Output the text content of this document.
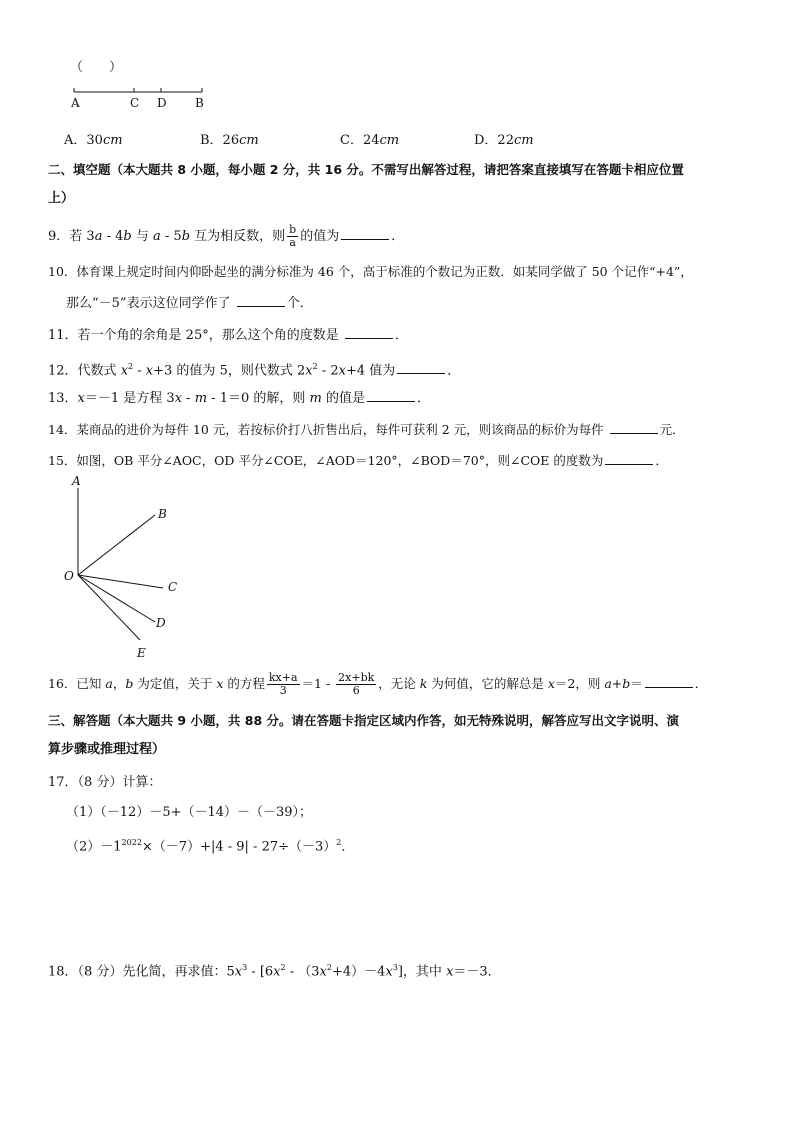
（　　）
A	C D B
A．30cm	B．26cm	C．24cm	D．22cm
二、填空题（本大题共 8 小题，每小题 2 分，共 16 分。不需写出解答过程，请把答案直接填写在答题卡相应位置
上）
9．若 3a - 4b 与 a - 5b 互为相反数，则 $\frac{b}{a}$ 的值为	．
10．体育课上规定时间内仰卧起坐的满分标准为 46 个，高于标准的个数记为正数．如某同学做了 50 个记作“+4”，
那么“－5”表示这位同学作了	个．
11．若一个角的余角是 25°，那么这个角的度数是	．
12．代数式 $x^2 - x+3$ 的值为 5，则代数式 $2x^2 - 2x+4$ 值为	．
13．x＝－1 是方程 3x - m - 1＝0 的解，则 m 的值是	．
14．某商品的进价为每件 10 元，若按标价打八折售出后，每件可获利 2 元，则该商品的标价为每件	元．
15．如图，OB 平分∠AOC，OD 平分∠COE，∠AOD＝120°，∠BOD＝70°，则∠COE 的度数为	．
A
B
O
C
D
E
16．已知 a，b 为定值，关于 x 的方程 $\frac{kx+a}{3} =1 - \frac{2x+bk}{6}$ ，无论 k 为何值，它的解总是 x＝2，则 a+b＝	．
三、解答题（本大题共 9 小题，共 88 分。请在答题卡指定区域内作答，如无特殊说明，解答应写出文字说明、演
算步骤或推理过程）
17．（8 分）计算：
（1）（－12）－5+（－14）－（－39）；
$(2)-1^{2022}\times(-7)+|4 - 9| - 27\div(-3)^2$．
18．（8 分）先化简，再求值：$5x^3 - [6x^2 - (3x^2+4)-4x^3]$，其中 x＝－3．
